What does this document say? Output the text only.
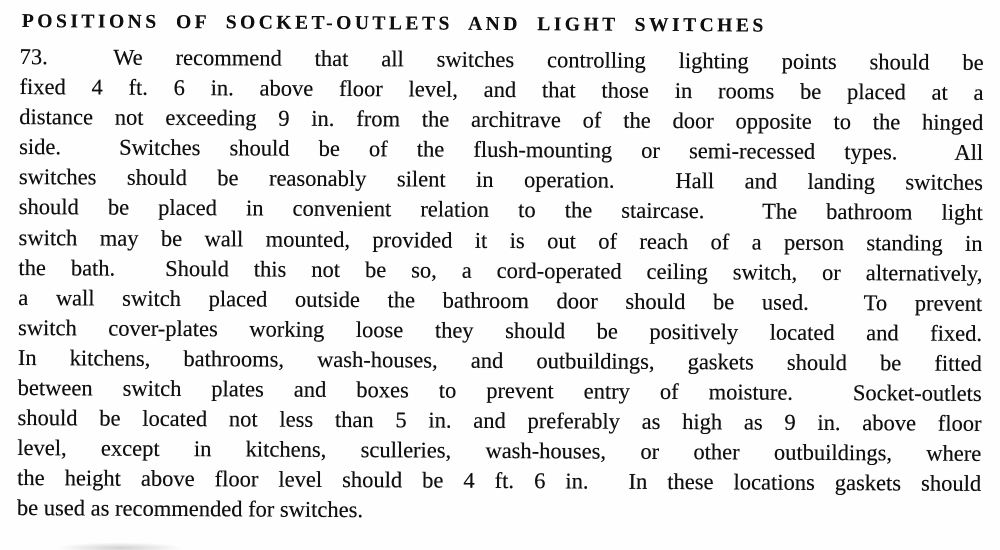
POSITIONS OF SOCKET-OUTLETS AND LIGHT SWITCHES
73.  We recommend that all switches controlling lighting points should be
fixed 4 ft. 6 in. above floor level, and that those in rooms be placed at a
distance not exceeding 9 in. from the architrave of the door opposite to the hinged
side.  Switches should be of the flush-mounting or semi-recessed types.  All
switches should be reasonably silent in operation.  Hall and landing switches
should be placed in convenient relation to the staircase.  The bathroom light
switch may be wall mounted, provided it is out of reach of a person standing in
the bath.  Should this not be so, a cord-operated ceiling switch, or alternatively,
a wall switch placed outside the bathroom door should be used.  To prevent
switch cover-plates working loose they should be positively located and fixed.
In kitchens, bathrooms, wash-houses, and outbuildings, gaskets should be fitted
between switch plates and boxes to prevent entry of moisture.  Socket-outlets
should be located not less than 5 in. and preferably as high as 9 in. above floor
level, except in kitchens, sculleries, wash-houses, or other outbuildings, where
the height above floor level should be 4 ft. 6 in.  In these locations gaskets should
be used as recommended for switches.
